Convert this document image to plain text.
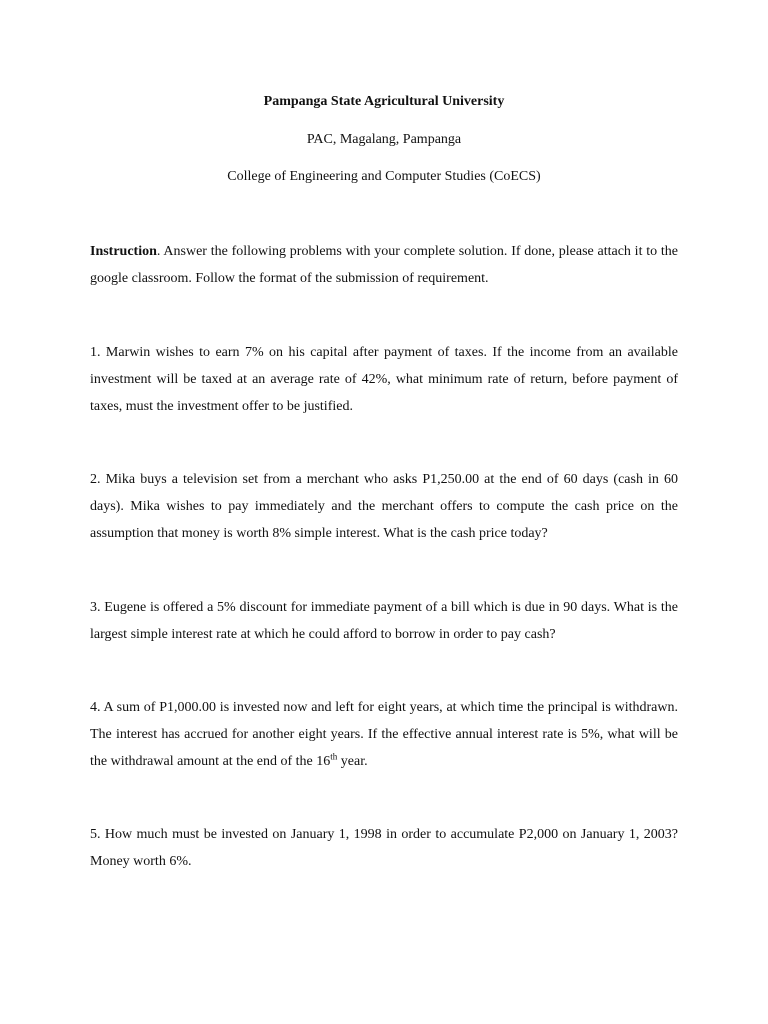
Pampanga State Agricultural University
PAC, Magalang, Pampanga
College of Engineering and Computer Studies (CoECS)
Instruction. Answer the following problems with your complete solution. If done, please attach it to the google classroom. Follow the format of the submission of requirement.
1. Marwin wishes to earn 7% on his capital after payment of taxes. If the income from an available investment will be taxed at an average rate of 42%, what minimum rate of return, before payment of taxes, must the investment offer to be justified.
2. Mika buys a television set from a merchant who asks P1,250.00 at the end of 60 days (cash in 60 days). Mika wishes to pay immediately and the merchant offers to compute the cash price on the assumption that money is worth 8% simple interest. What is the cash price today?
3. Eugene is offered a 5% discount for immediate payment of a bill which is due in 90 days. What is the largest simple interest rate at which he could afford to borrow in order to pay cash?
4. A sum of P1,000.00 is invested now and left for eight years, at which time the principal is withdrawn. The interest has accrued for another eight years. If the effective annual interest rate is 5%, what will be the withdrawal amount at the end of the 16th year.
5. How much must be invested on January 1, 1998 in order to accumulate P2,000 on January 1, 2003? Money worth 6%.
